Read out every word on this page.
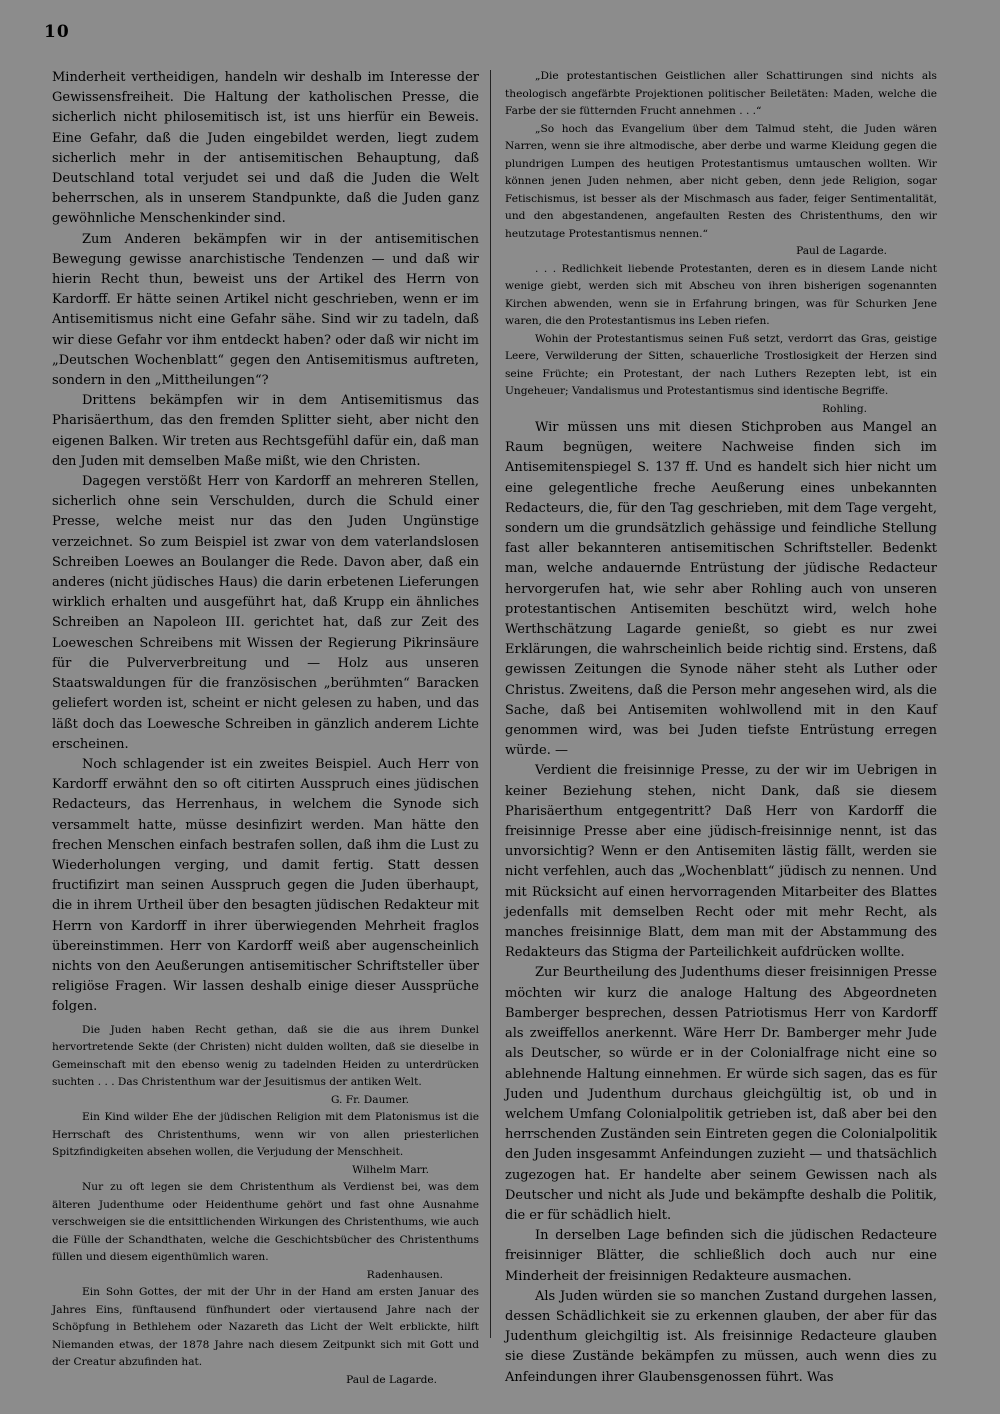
10

Minderheit vertheidigen, handeln wir deshalb im Interesse der Gewissensfreiheit. Die Haltung der katholischen Presse, die sicherlich nicht philosemitisch ist, ist uns hierfür ein Beweis. Eine Gefahr, daß die Juden eingebildet werden, liegt zudem sicherlich mehr in der antisemitischen Behauptung, daß Deutschland total verjudet sei und daß die Juden die Welt beherrschen, als in unserem Standpunkte, daß die Juden ganz gewöhnliche Menschenkinder sind.

Zum Anderen bekämpfen wir in der antisemitischen Bewegung gewisse anarchistische Tendenzen — und daß wir hierin Recht thun, beweist uns der Artikel des Herrn von Kardorff. Er hätte seinen Artikel nicht geschrieben, wenn er im Antisemitismus nicht eine Gefahr sähe. Sind wir zu tadeln, daß wir diese Gefahr vor ihm entdeckt haben? oder daß wir nicht im „Deutschen Wochenblatt“ gegen den Antisemitismus auftreten, sondern in den „Mittheilungen“?

Drittens bekämpfen wir in dem Antisemitismus das Pharisäerthum, das den fremden Splitter sieht, aber nicht den eigenen Balken. Wir treten aus Rechtsgefühl dafür ein, daß man den Juden mit demselben Maße mißt, wie den Christen.

Dagegen verstößt Herr von Kardorff an mehreren Stellen, sicherlich ohne sein Verschulden, durch die Schuld einer Presse, welche meist nur das den Juden Ungünstige verzeichnet. So zum Beispiel ist zwar von dem vaterlandslosen Schreiben Loewes an Boulanger die Rede. Davon aber, daß ein anderes (nicht jüdisches Haus) die darin erbetenen Lieferungen wirklich erhalten und ausgeführt hat, daß Krupp ein ähnliches Schreiben an Napoleon III. gerichtet hat, daß zur Zeit des Loeweschen Schreibens mit Wissen der Regierung Pikrinsäure für die Pulververbreitung und — Holz aus unseren Staatswaldungen für die französischen „berühmten“ Baracken geliefert worden ist, scheint er nicht gelesen zu haben, und das läßt doch das Loewesche Schreiben in gänzlich anderem Lichte erscheinen.

Noch schlagender ist ein zweites Beispiel. Auch Herr von Kardorff erwähnt den so oft citirten Ausspruch eines jüdischen Redacteurs, das Herrenhaus, in welchem die Synode sich versammelt hatte, müsse desinfizirt werden. Man hätte den frechen Menschen einfach bestrafen sollen, daß ihm die Lust zu Wiederholungen verging, und damit fertig. Statt dessen fructifizirt man seinen Ausspruch gegen die Juden überhaupt, die in ihrem Urtheil über den besagten jüdischen Redakteur mit Herrn von Kardorff in ihrer überwiegenden Mehrheit fraglos übereinstimmen. Herr von Kardorff weiß aber augenscheinlich nichts von den Aeußerungen antisemitischer Schriftsteller über religiöse Fragen. Wir lassen deshalb einige dieser Aussprüche folgen.

Die Juden haben Recht gethan, daß sie die aus ihrem Dunkel hervortretende Sekte (der Christen) nicht dulden wollten, daß sie dieselbe in Gemeinschaft mit den ebenso wenig zu tadelnden Heiden zu unterdrücken suchten . . . Das Christenthum war der Jesuitismus der antiken Welt.

G. Fr. Daumer.

Ein Kind wilder Ehe der jüdischen Religion mit dem Platonismus ist die Herrschaft des Christenthums, wenn wir von allen priesterlichen Spitzfindigkeiten absehen wollen, die Verjudung der Menschheit.

Wilhelm Marr.

Nur zu oft legen sie dem Christenthum als Verdienst bei, was dem älteren Judenthume oder Heidenthume gehört und fast ohne Ausnahme verschweigen sie die entsittlichenden Wirkungen des Christenthums, wie auch die Fülle der Schandthaten, welche die Geschichtsbücher des Christenthums füllen und diesem eigenthümlich waren.

Radenhausen.

Ein Sohn Gottes, der mit der Uhr in der Hand am ersten Januar des Jahres Eins, fünftausend fünfhundert oder viertausend Jahre nach der Schöpfung in Bethlehem oder Nazareth das Licht der Welt erblickte, hilft Niemanden etwas, der 1878 Jahre nach diesem Zeitpunkt sich mit Gott und der Creatur abzufinden hat.

Paul de Lagarde.

„Die protestantischen Geistlichen aller Schattirungen sind nichts als theologisch angefärbte Projektionen politischer Beiletäten: Maden, welche die Farbe der sie fütternden Frucht annehmen . . .“

„So hoch das Evangelium über dem Talmud steht, die Juden wären Narren, wenn sie ihre altmodische, aber derbe und warme Kleidung gegen die plundrigen Lumpen des heutigen Protestantismus umtauschen wollten. Wir können jenen Juden nehmen, aber nicht geben, denn jede Religion, sogar Fetischismus, ist besser als der Mischmasch aus fader, feiger Sentimentalität, und den abgestandenen, angefaulten Resten des Christenthums, den wir heutzutage Protestantismus nennen.“

Paul de Lagarde.

. . . Redlichkeit liebende Protestanten, deren es in diesem Lande nicht wenige giebt, werden sich mit Abscheu von ihren bisherigen sogenannten Kirchen abwenden, wenn sie in Erfahrung bringen, was für Schurken Jene waren, die den Protestantismus ins Leben riefen.

Wohin der Protestantismus seinen Fuß setzt, verdorrt das Gras, geistige Leere, Verwilderung der Sitten, schauerliche Trostlosigkeit der Herzen sind seine Früchte; ein Protestant, der nach Luthers Rezepten lebt, ist ein Ungeheuer; Vandalismus und Protestantismus sind identische Begriffe.

Rohling.

Wir müssen uns mit diesen Stichproben aus Mangel an Raum begnügen, weitere Nachweise finden sich im Antisemitenspiegel S. 137 ff. Und es handelt sich hier nicht um eine gelegentliche freche Aeußerung eines unbekannten Redacteurs, die, für den Tag geschrieben, mit dem Tage vergeht, sondern um die grundsätzlich gehässige und feindliche Stellung fast aller bekannteren antisemitischen Schriftsteller. Bedenkt man, welche andauernde Entrüstung der jüdische Redacteur hervorgerufen hat, wie sehr aber Rohling auch von unseren protestantischen Antisemiten beschützt wird, welch hohe Werthschätzung Lagarde genießt, so giebt es nur zwei Erklärungen, die wahrscheinlich beide richtig sind. Erstens, daß gewissen Zeitungen die Synode näher steht als Luther oder Christus. Zweitens, daß die Person mehr angesehen wird, als die Sache, daß bei Antisemiten wohlwollend mit in den Kauf genommen wird, was bei Juden tiefste Entrüstung erregen würde. —

Verdient die freisinnige Presse, zu der wir im Uebrigen in keiner Beziehung stehen, nicht Dank, daß sie diesem Pharisäerthum entgegentritt? Daß Herr von Kardorff die freisinnige Presse aber eine jüdisch-freisinnige nennt, ist das unvorsichtig? Wenn er den Antisemiten lästig fällt, werden sie nicht verfehlen, auch das „Wochenblatt“ jüdisch zu nennen. Und mit Rücksicht auf einen hervorragenden Mitarbeiter des Blattes jedenfalls mit demselben Recht oder mit mehr Recht, als manches freisinnige Blatt, dem man mit der Abstammung des Redakteurs das Stigma der Parteilichkeit aufdrücken wollte.

Zur Beurtheilung des Judenthums dieser freisinnigen Presse möchten wir kurz die analoge Haltung des Abgeordneten Bamberger besprechen, dessen Patriotismus Herr von Kardorff als zweiffellos anerkennt. Wäre Herr Dr. Bamberger mehr Jude als Deutscher, so würde er in der Colonialfrage nicht eine so ablehnende Haltung einnehmen. Er würde sich sagen, das es für Juden und Judenthum durchaus gleichgültig ist, ob und in welchem Umfang Colonialpolitik getrieben ist, daß aber bei den herrschenden Zuständen sein Eintreten gegen die Colonialpolitik den Juden insgesammt Anfeindungen zuzieht — und thatsächlich zugezogen hat. Er handelte aber seinem Gewissen nach als Deutscher und nicht als Jude und bekämpfte deshalb die Politik, die er für schädlich hielt.

In derselben Lage befinden sich die jüdischen Redacteure freisinniger Blätter, die schließlich doch auch nur eine Minderheit der freisinnigen Redakteure ausmachen.

Als Juden würden sie so manchen Zustand durgehen lassen, dessen Schädlichkeit sie zu erkennen glauben, der aber für das Judenthum gleichgiltig ist. Als freisinnige Redacteure glauben sie diese Zustände bekämpfen zu müssen, auch wenn dies zu Anfeindungen ihrer Glaubensgenossen führt. Was
